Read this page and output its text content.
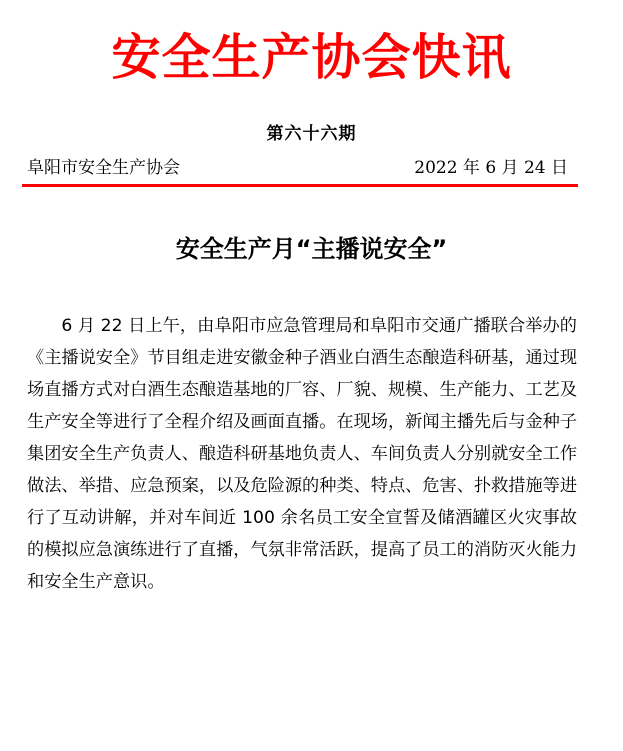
安全生产协会快讯
第六十六期
阜阳市安全生产协会	2022 年 6 月 24 日
安全生产月“主播说安全”

6 月 22 日上午，由阜阳市应急管理局和阜阳市交通广播联合举办的《主播说安全》节目组走进安徽金种子酒业白酒生态酿造科研基，通过现场直播方式对白酒生态酿造基地的厂容、厂貌、规模、生产能力、工艺及生产安全等进行了全程介绍及画面直播。在现场，新闻主播先后与金种子集团安全生产负责人、酿造科研基地负责人、车间负责人分别就安全工作做法、举措、应急预案，以及危险源的种类、特点、危害、扑救措施等进行了互动讲解，并对车间近 100 余名员工安全宣誓及储酒罐区火灾事故的模拟应急演练进行了直播，气氛非常活跃，提高了员工的消防灭火能力和安全生产意识。
